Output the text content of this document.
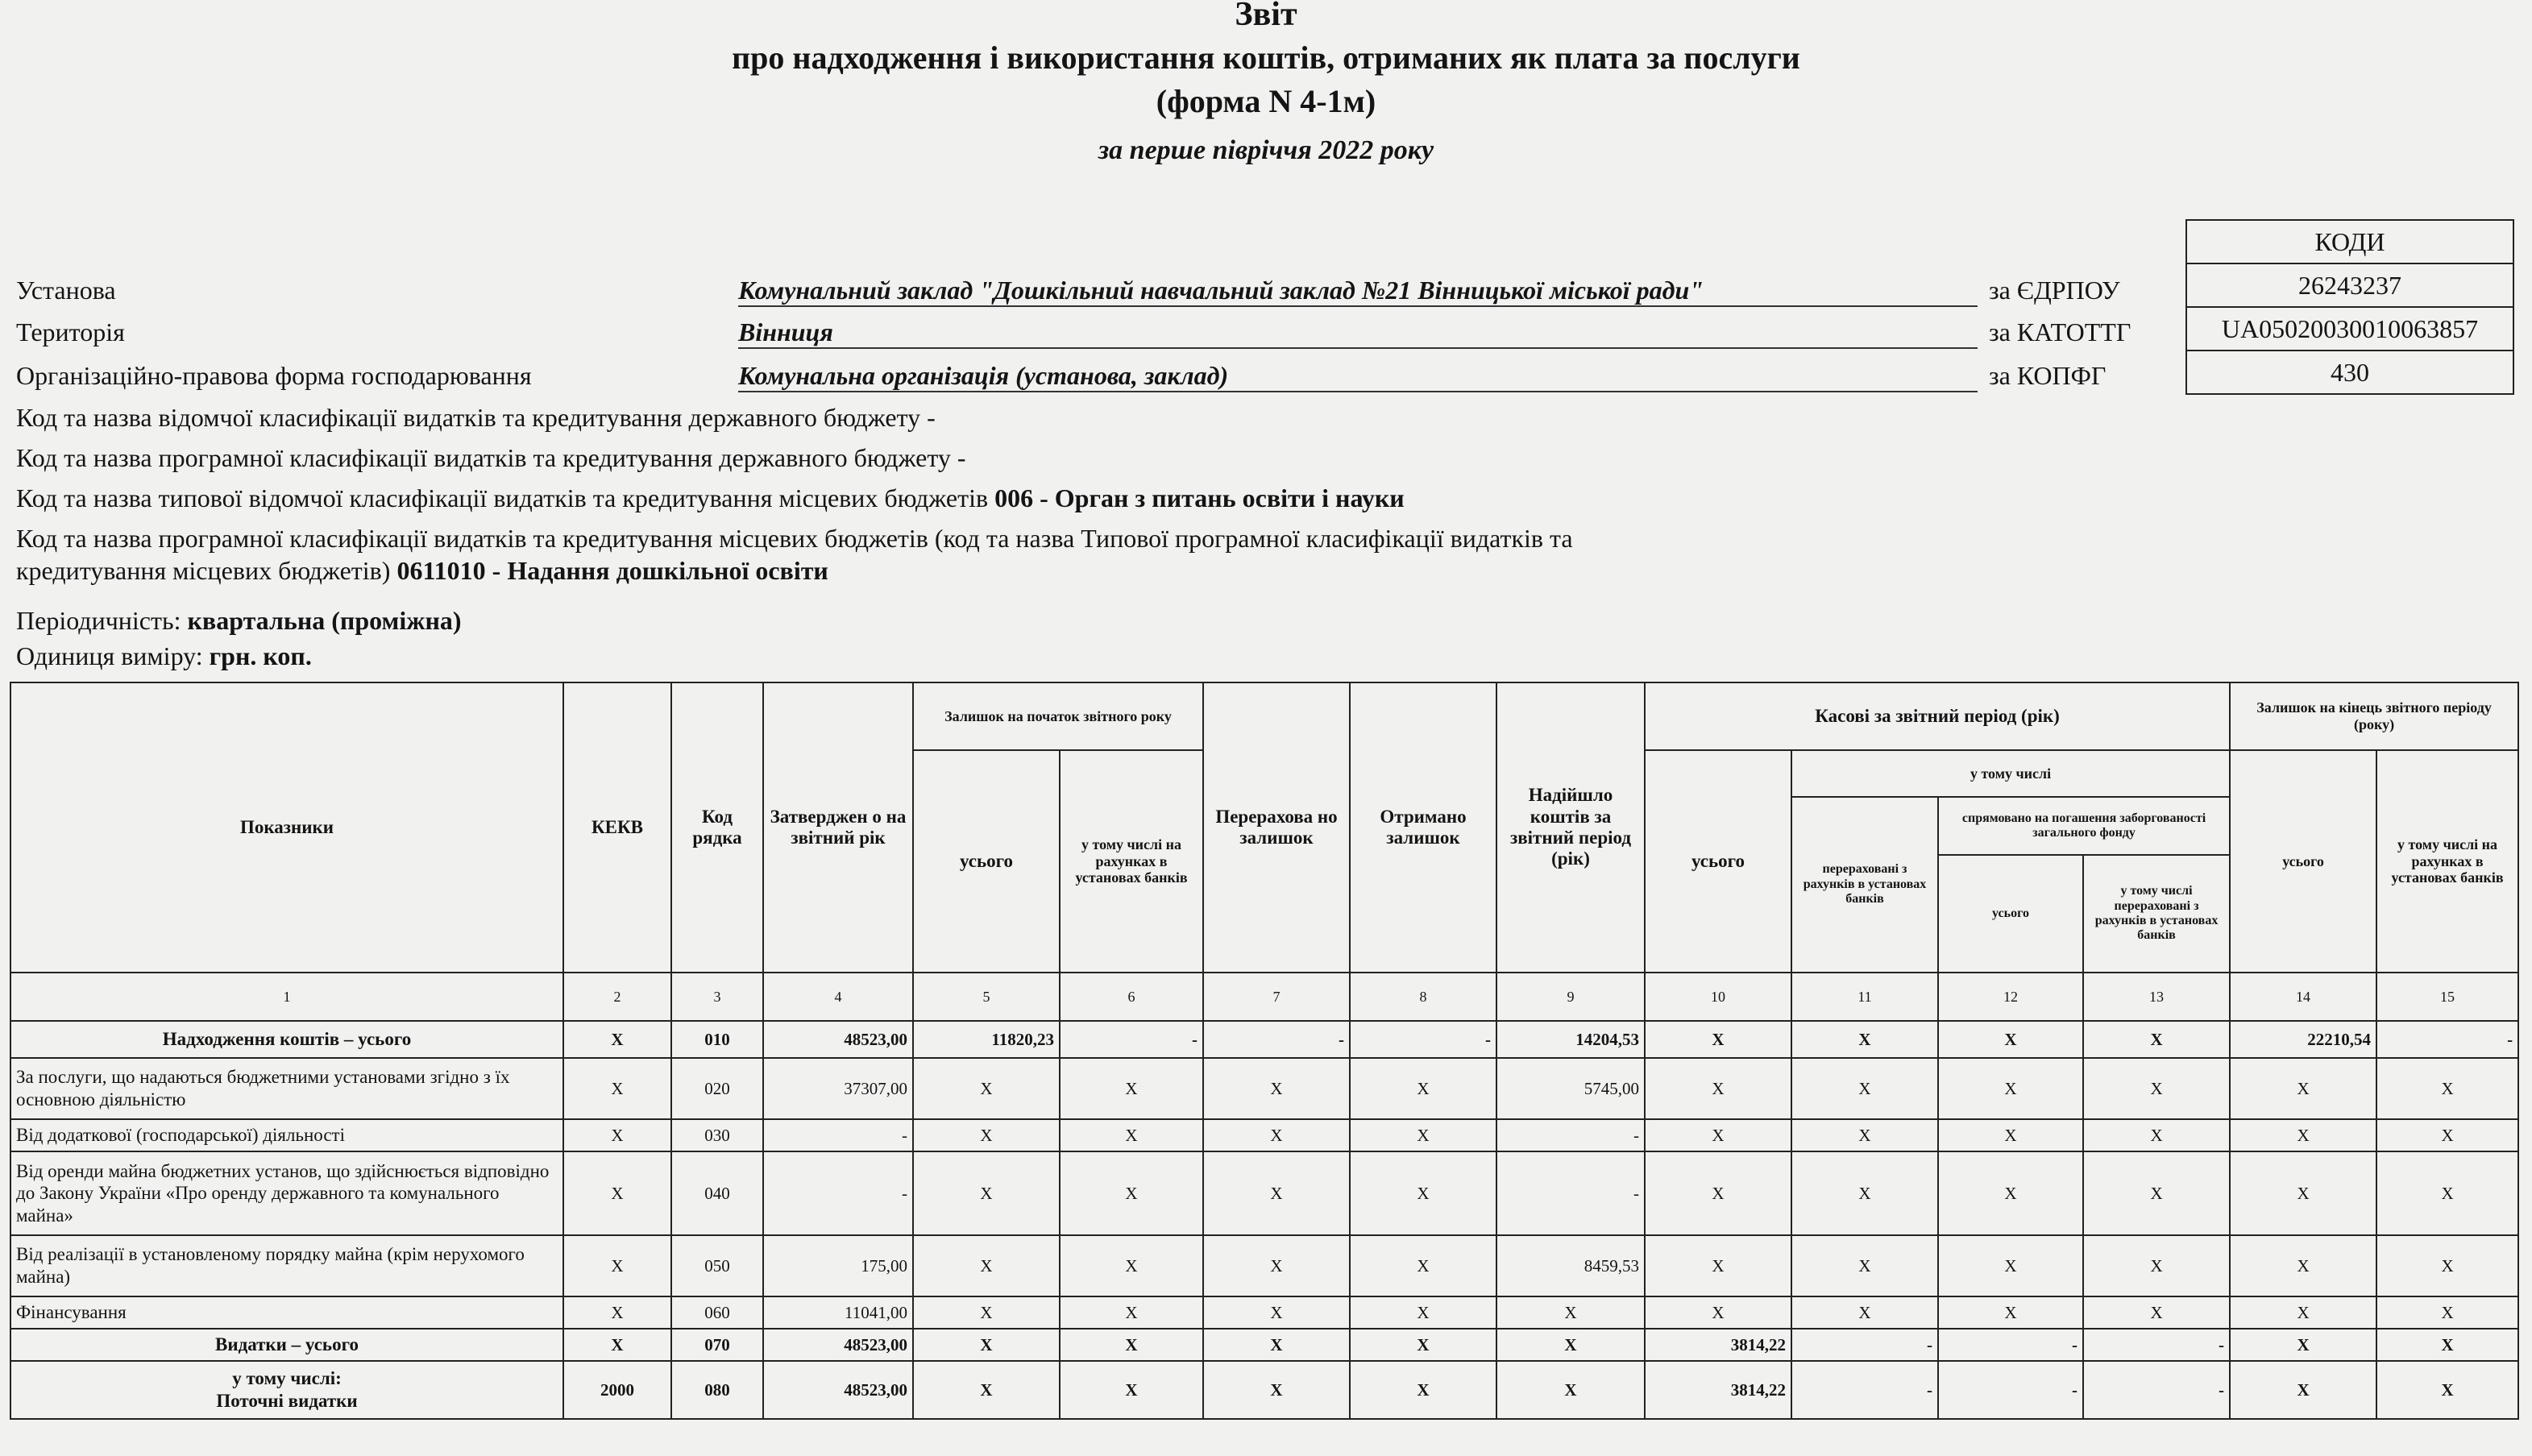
Звіт
про надходження і використання коштів, отриманих як плата за послуги
(форма N 4-1м)
за перше півріччя 2022 року
КОДИ
26243237
UA05020030010063857
430
Установа	Комунальний заклад "Дошкільний навчальний заклад №21 Вінницької міської ради"	за ЄДРПОУ
Територія	Вінниця	за КАТОТТГ
Організаційно-правова форма господарювання	Комунальна організація (установа, заклад)	за КОПФГ
Код та назва відомчої класифікації видатків та кредитування державного бюджету -
Код та назва програмної класифікації видатків та кредитування державного бюджету -
Код та назва типової відомчої класифікації видатків та кредитування місцевих бюджетів 006 - Орган з питань освіти і науки
Код та назва програмної класифікації видатків та кредитування місцевих бюджетів (код та назва Типової програмної класифікації видатків та
кредитування місцевих бюджетів) 0611010 - Надання дошкільної освіти
Періодичність: квартальна (проміжна)
Одиниця виміру: грн. коп.
Показники	КЕКВ	Код рядка	Затверджен о на звітний рік	Залишок на початок звітного року		Перерахова но залишок	Отримано залишок	Надійшло коштів за звітний період (рік)	Касові за звітний період (рік)				Залишок на кінець звітного періоду (року)	
				усього	у тому числі на рахунках в установах банків				усього	у тому числі			усього	у тому числі на рахунках в установах банків
										перераховані з рахунків в установах банків	спрямовано на погашення заборгованості загального фонду			
											усього	у тому числі перераховані з рахунків в установах банків		
1	2	3	4	5	6	7	8	9	10	11	12	13	14	15
Надходження коштів – усього	X	010	48523,00	11820,23	-	-	-	14204,53	X	X	X	X	22210,54	-
За послуги, що надаються бюджетними установами згідно з їх основною діяльністю	X	020	37307,00	X	X	X	X	5745,00	X	X	X	X	X	X
Від додаткової (господарської) діяльності	X	030	-	X	X	X	X	-	X	X	X	X	X	X
Від оренди майна бюджетних установ, що здійснюється відповідно до Закону України «Про оренду державного та комунального майна»	X	040	-	X	X	X	X	-	X	X	X	X	X	X
Від реалізації в установленому порядку майна (крім нерухомого майна)	X	050	175,00	X	X	X	X	8459,53	X	X	X	X	X	X
Фінансування	X	060	11041,00	X	X	X	X	X	X	X	X	X	X	X
Видатки – усього	X	070	48523,00	X	X	X	X	X	3814,22	-	-	-	X	X
у тому числі:
Поточні видатки	2000	080	48523,00	X	X	X	X	X	3814,22	-	-	-	X	X
